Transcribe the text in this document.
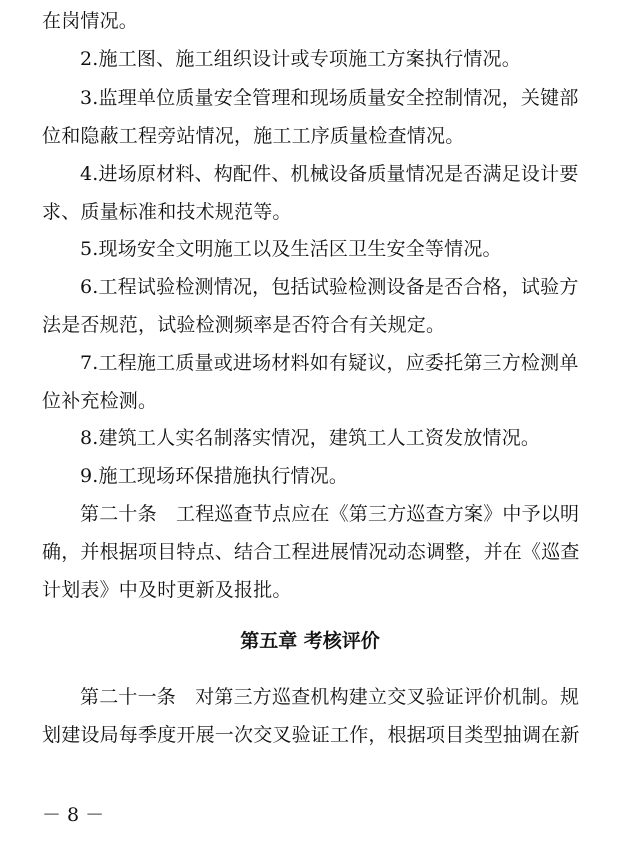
在岗情况。
2.施工图、施工组织设计或专项施工方案执行情况。
3.监理单位质量安全管理和现场质量安全控制情况，关键部
位和隐蔽工程旁站情况，施工工序质量检查情况。
4.进场原材料、构配件、机械设备质量情况是否满足设计要
求、质量标准和技术规范等。
5.现场安全文明施工以及生活区卫生安全等情况。
6.工程试验检测情况，包括试验检测设备是否合格，试验方
法是否规范，试验检测频率是否符合有关规定。
7.工程施工质量或进场材料如有疑议，应委托第三方检测单
位补充检测。
8.建筑工人实名制落实情况，建筑工人工资发放情况。
9.施工现场环保措施执行情况。
第二十条　工程巡查节点应在《第三方巡查方案》中予以明
确，并根据项目特点、结合工程进展情况动态调整，并在《巡查
计划表》中及时更新及报批。
第五章 考核评价
第二十一条　对第三方巡查机构建立交叉验证评价机制。规
划建设局每季度开展一次交叉验证工作，根据项目类型抽调在新
－ 8 －
